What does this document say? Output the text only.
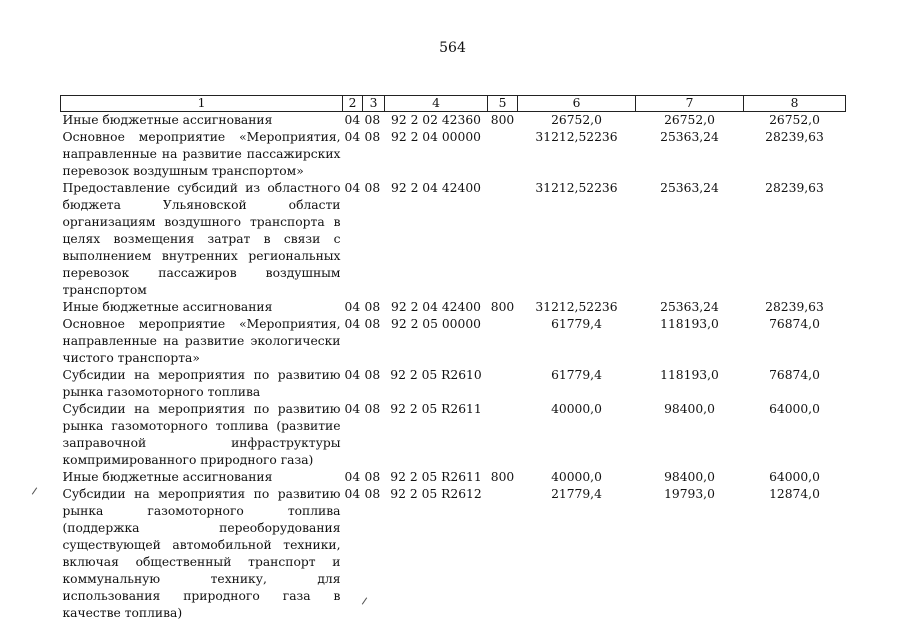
564
1	2	3	4	5	6	7	8
Иные бюджетные ассигнования	04	08	92 2 02 42360	800	26752,0	26752,0	26752,0
Основное мероприятие «Мероприятия, направленные на развитие пассажирских перевозок воздушным транспортом»	04	08	92 2 04 00000		31212,52236	25363,24	28239,63
Предоставление субсидий из областного бюджета Ульяновской области организациям воздушного транспорта в целях возмещения затрат в связи с выполнением внутренних региональных перевозок пассажиров воздушным транспортом	04	08	92 2 04 42400		31212,52236	25363,24	28239,63
Иные бюджетные ассигнования	04	08	92 2 04 42400	800	31212,52236	25363,24	28239,63
Основное мероприятие «Мероприятия, направленные на развитие экологически чистого транспорта»	04	08	92 2 05 00000		61779,4	118193,0	76874,0
Субсидии на мероприятия по развитию рынка газомоторного топлива	04	08	92 2 05 R2610		61779,4	118193,0	76874,0
Субсидии на мероприятия по развитию рынка газомоторного топлива (развитие заправочной инфраструктуры компримированного природного газа)	04	08	92 2 05 R2611		40000,0	98400,0	64000,0
Иные бюджетные ассигнования	04	08	92 2 05 R2611	800	40000,0	98400,0	64000,0
Субсидии на мероприятия по развитию рынка газомоторного топлива (поддержка переоборудования существующей автомобильной техники, включая общественный транспорт и коммунальную технику, для использования природного газа в качестве топлива)	04	08	92 2 05 R2612		21779,4	19793,0	12874,0
